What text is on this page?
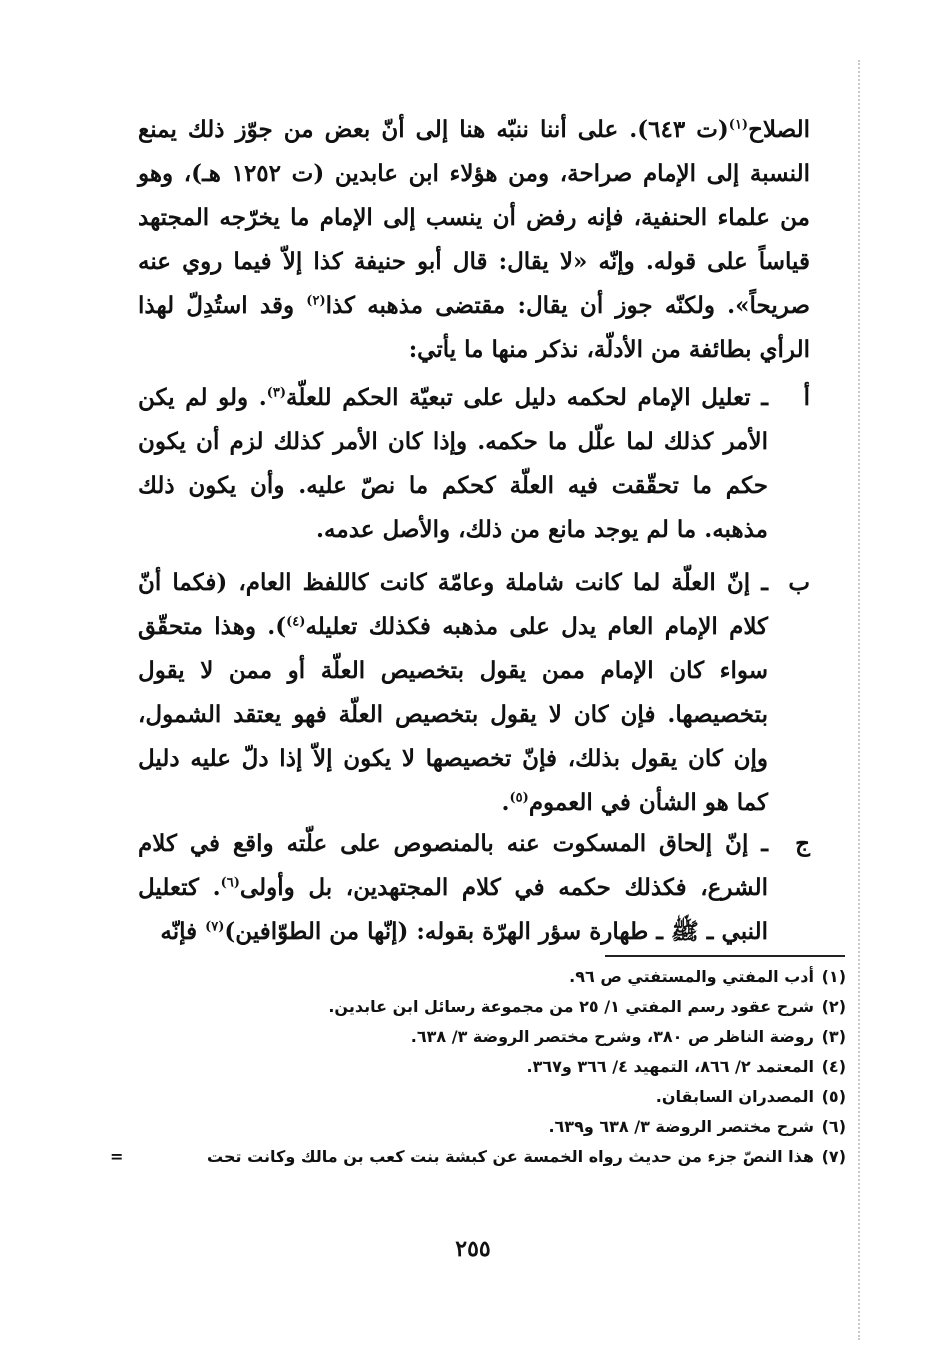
الصلاح$^{(١)}$(ت ٦٤٣). على أننا ننبّه هنا إلى أنّ بعض من جوّز ذلك يمنع النسبة إلى الإمام صراحة، ومن هؤلاء ابن عابدين (ت ١٢٥٢ هـ)، وهو من علماء الحنفية، فإنه رفض أن ينسب إلى الإمام ما يخرّجه المجتهد قياساً على قوله. وإنّه «لا يقال: قال أبو حنيفة كذا إلاّ فيما روي عنه صريحاً». ولكنّه جوز أن يقال: مقتضى مذهبه كذا$^{(٢)}$ وقد استُدِلّ لهذا الرأي بطائفة من الأدلّة، نذكر منها ما يأتي:

أ
ـ تعليل الإمام لحكمه دليل على تبعيّة الحكم للعلّة$^{(٣)}$. ولو لم يكن الأمر كذلك لما علّل ما حكمه. وإذا كان الأمر كذلك لزم أن يكون حكم ما تحقّقت فيه العلّة كحكم ما نصّ عليه. وأن يكون ذلك مذهبه. ما لم يوجد مانع من ذلك، والأصل عدمه.
ب
ـ إنّ العلّة لما كانت شاملة وعامّة كانت كاللفظ العام، (فكما أنّ كلام الإمام العام يدل على مذهبه فكذلك تعليله$^{(٤)}$). وهذا متحقّق سواء كان الإمام ممن يقول بتخصيص العلّة أو ممن لا يقول بتخصيصها. فإن كان لا يقول بتخصيص العلّة فهو يعتقد الشمول، وإن كان يقول بذلك، فإنّ تخصيصها لا يكون إلاّ إذا دلّ عليه دليل كما هو الشأن في العموم$^{(٥)}$.
ج
ـ إنّ إلحاق المسكوت عنه بالمنصوص على علّته واقع في كلام الشرع، فكذلك حكمه في كلام المجتهدين، بل وأولى$^{(٦)}$. كتعليل النبي ـ ﷺ ـ طهارة سؤر الهرّة بقوله: (إنّها من الطوّافين)$^{(٧)}$ فإنّه
(١)
أدب المفتي والمستفتي ص ٩٦.
(٢)
شرح عقود رسم المفتي ١/ ٢٥ من مجموعة رسائل ابن عابدين.
(٣)
روضة الناظر ص ٣٨٠، وشرح مختصر الروضة ٣/ ٦٣٨.
(٤)
المعتمد ٢/ ٨٦٦، التمهيد ٤/ ٣٦٦ و٣٦٧.
(٥)
المصدران السابقان.
(٦)
شرح مختصر الروضة ٣/ ٦٣٨ و٦٣٩.
(٧)
هذا النصّ جزء من حديث رواه الخمسة عن كبشة بنت كعب بن مالك وكانت تحت
=
٢٥٥
